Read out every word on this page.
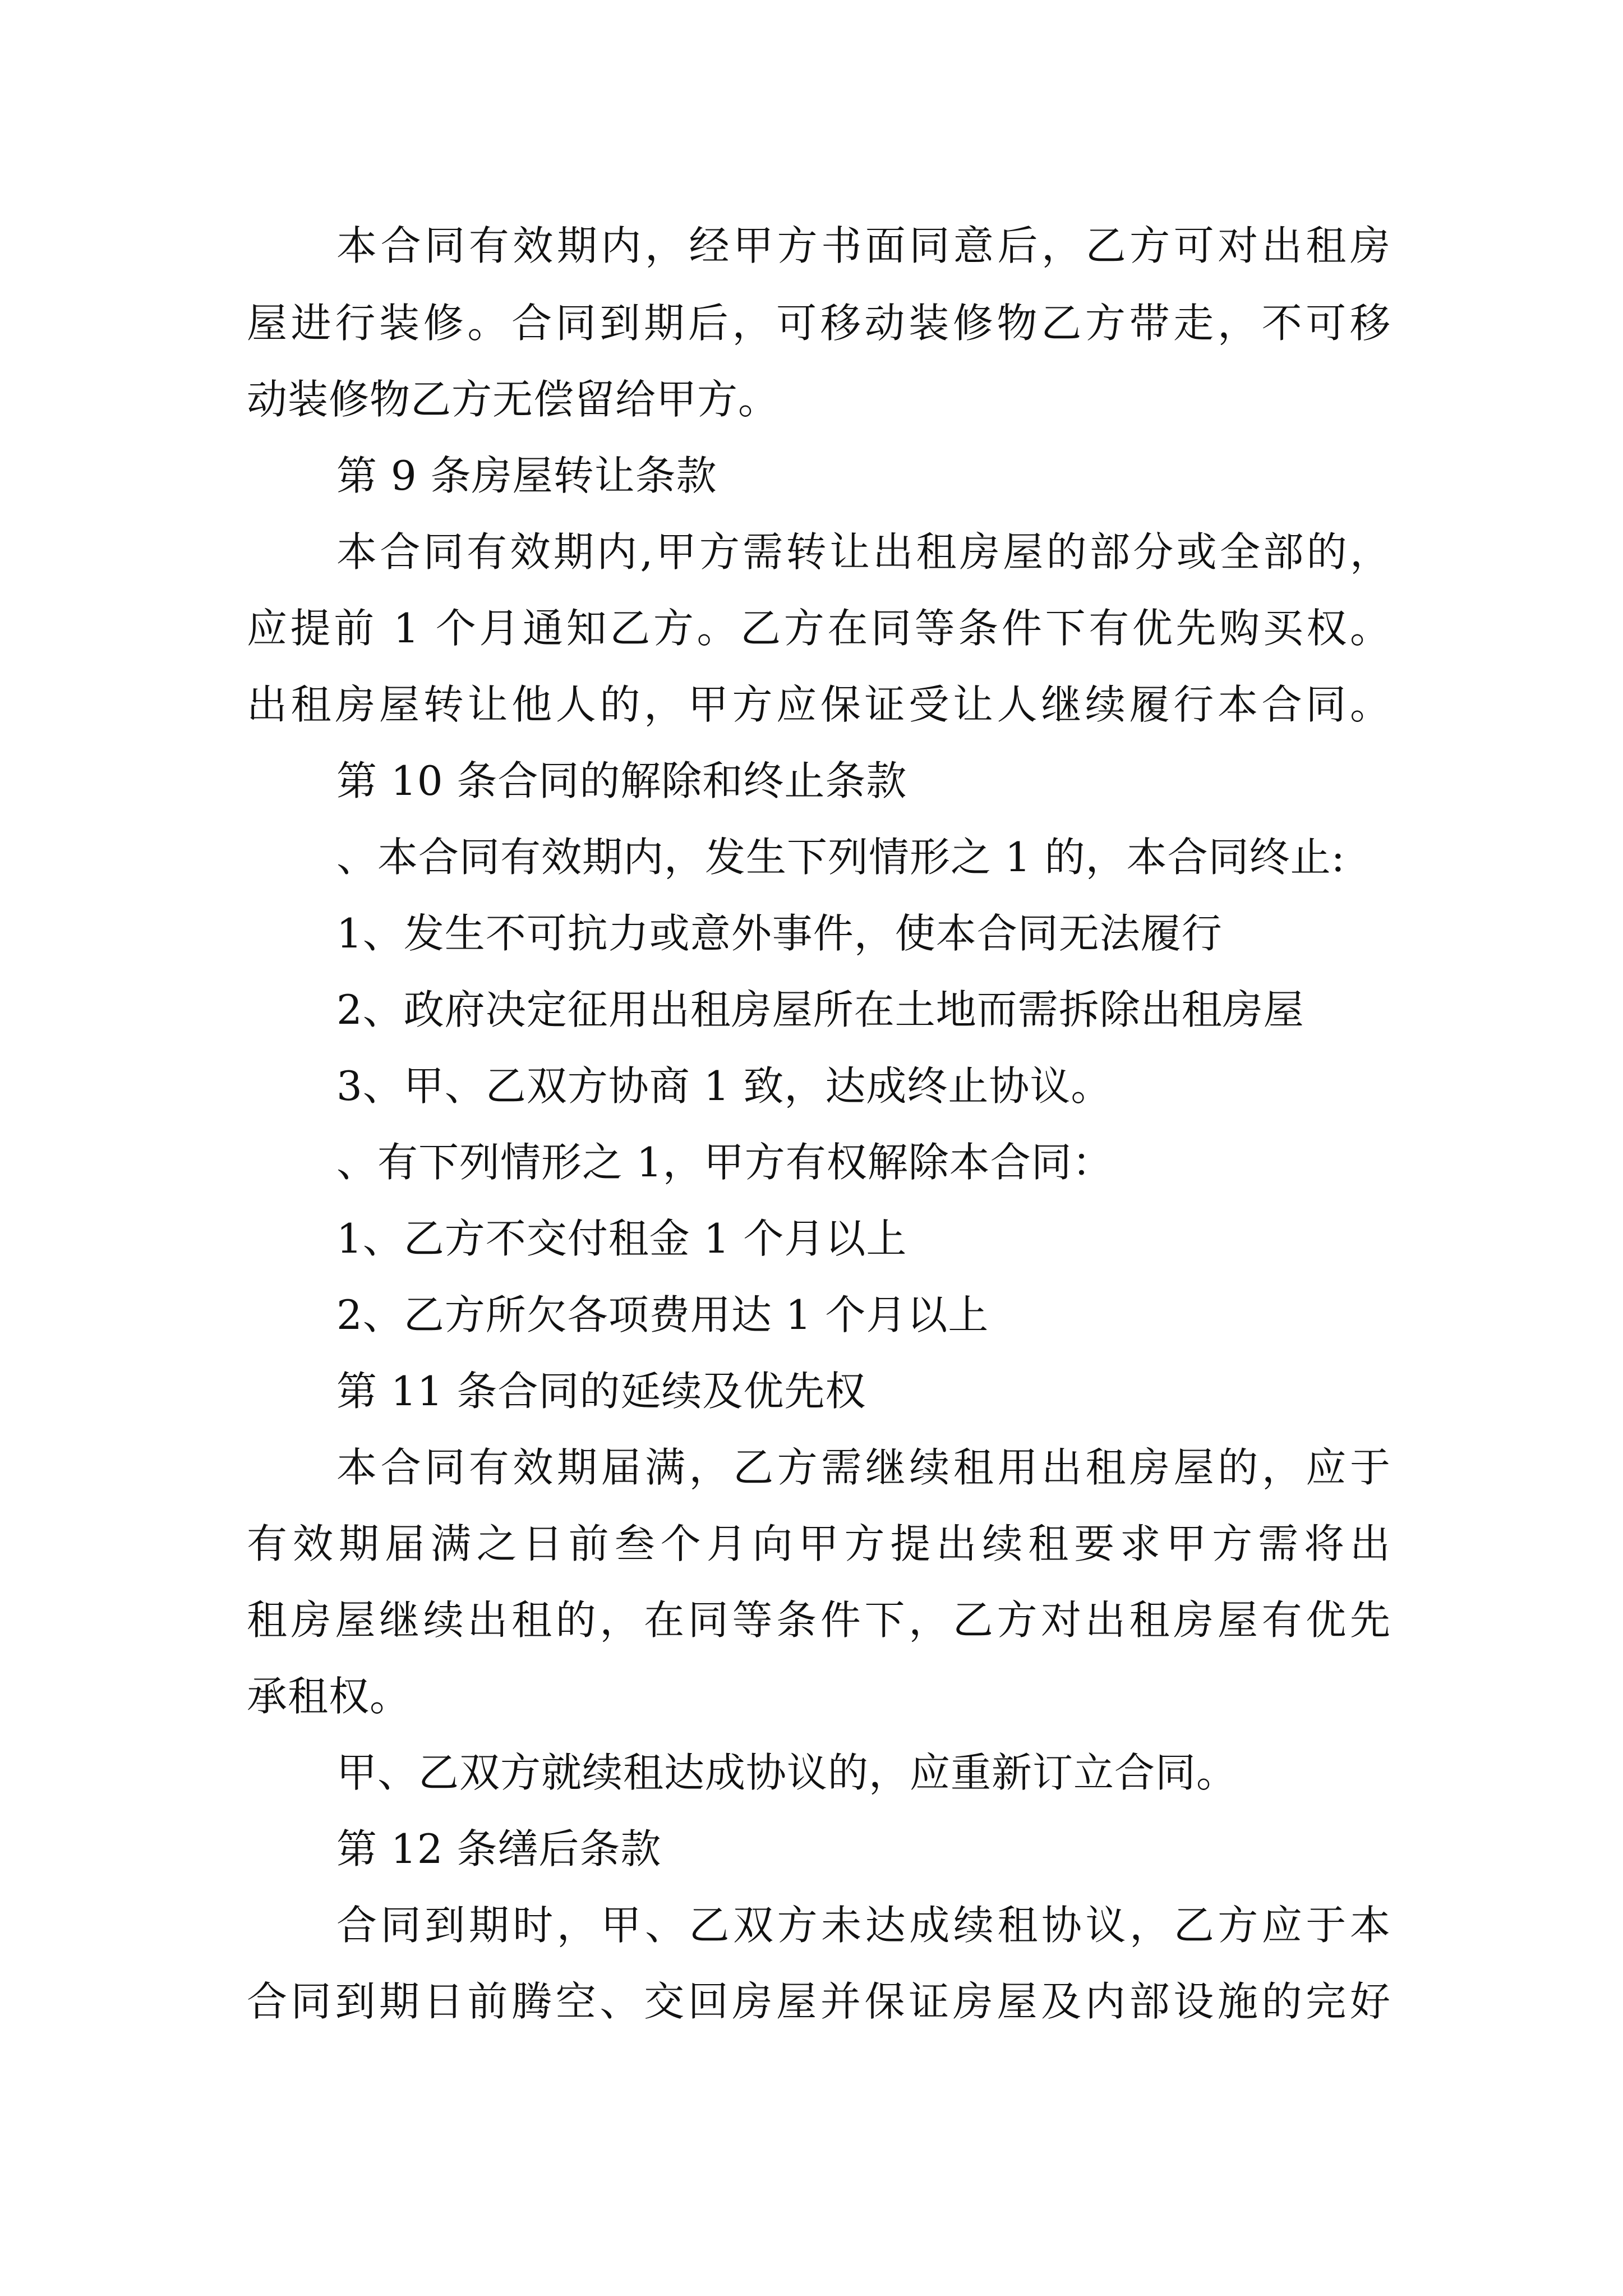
本合同有效期内，经甲方书面同意后，乙方可对出租房

屋进行装修。合同到期后，可移动装修物乙方带走，不可移

动装修物乙方无偿留给甲方。

第 9 条房屋转让条款

本合同有效期内,甲方需转让出租房屋的部分或全部的，

应提前 1 个月通知乙方。乙方在同等条件下有优先购买权。

出租房屋转让他人的，甲方应保证受让人继续履行本合同。

第 10 条合同的解除和终止条款

、本合同有效期内，发生下列情形之 1 的，本合同终止:

1、发生不可抗力或意外事件，使本合同无法履行

2、政府决定征用出租房屋所在土地而需拆除出租房屋

3、甲、乙双方协商 1 致，达成终止协议。

、有下列情形之 1，甲方有权解除本合同：

1、乙方不交付租金 1 个月以上

2、乙方所欠各项费用达 1 个月以上

第 11 条合同的延续及优先权

本合同有效期届满，乙方需继续租用出租房屋的，应于

有效期届满之日前叁个月向甲方提出续租要求甲方需将出

租房屋继续出租的，在同等条件下，乙方对出租房屋有优先

承租权。

甲、乙双方就续租达成协议的，应重新订立合同。

第 12 条缮后条款

合同到期时，甲、乙双方未达成续租协议，乙方应于本

合同到期日前腾空、交回房屋并保证房屋及内部设施的完好
